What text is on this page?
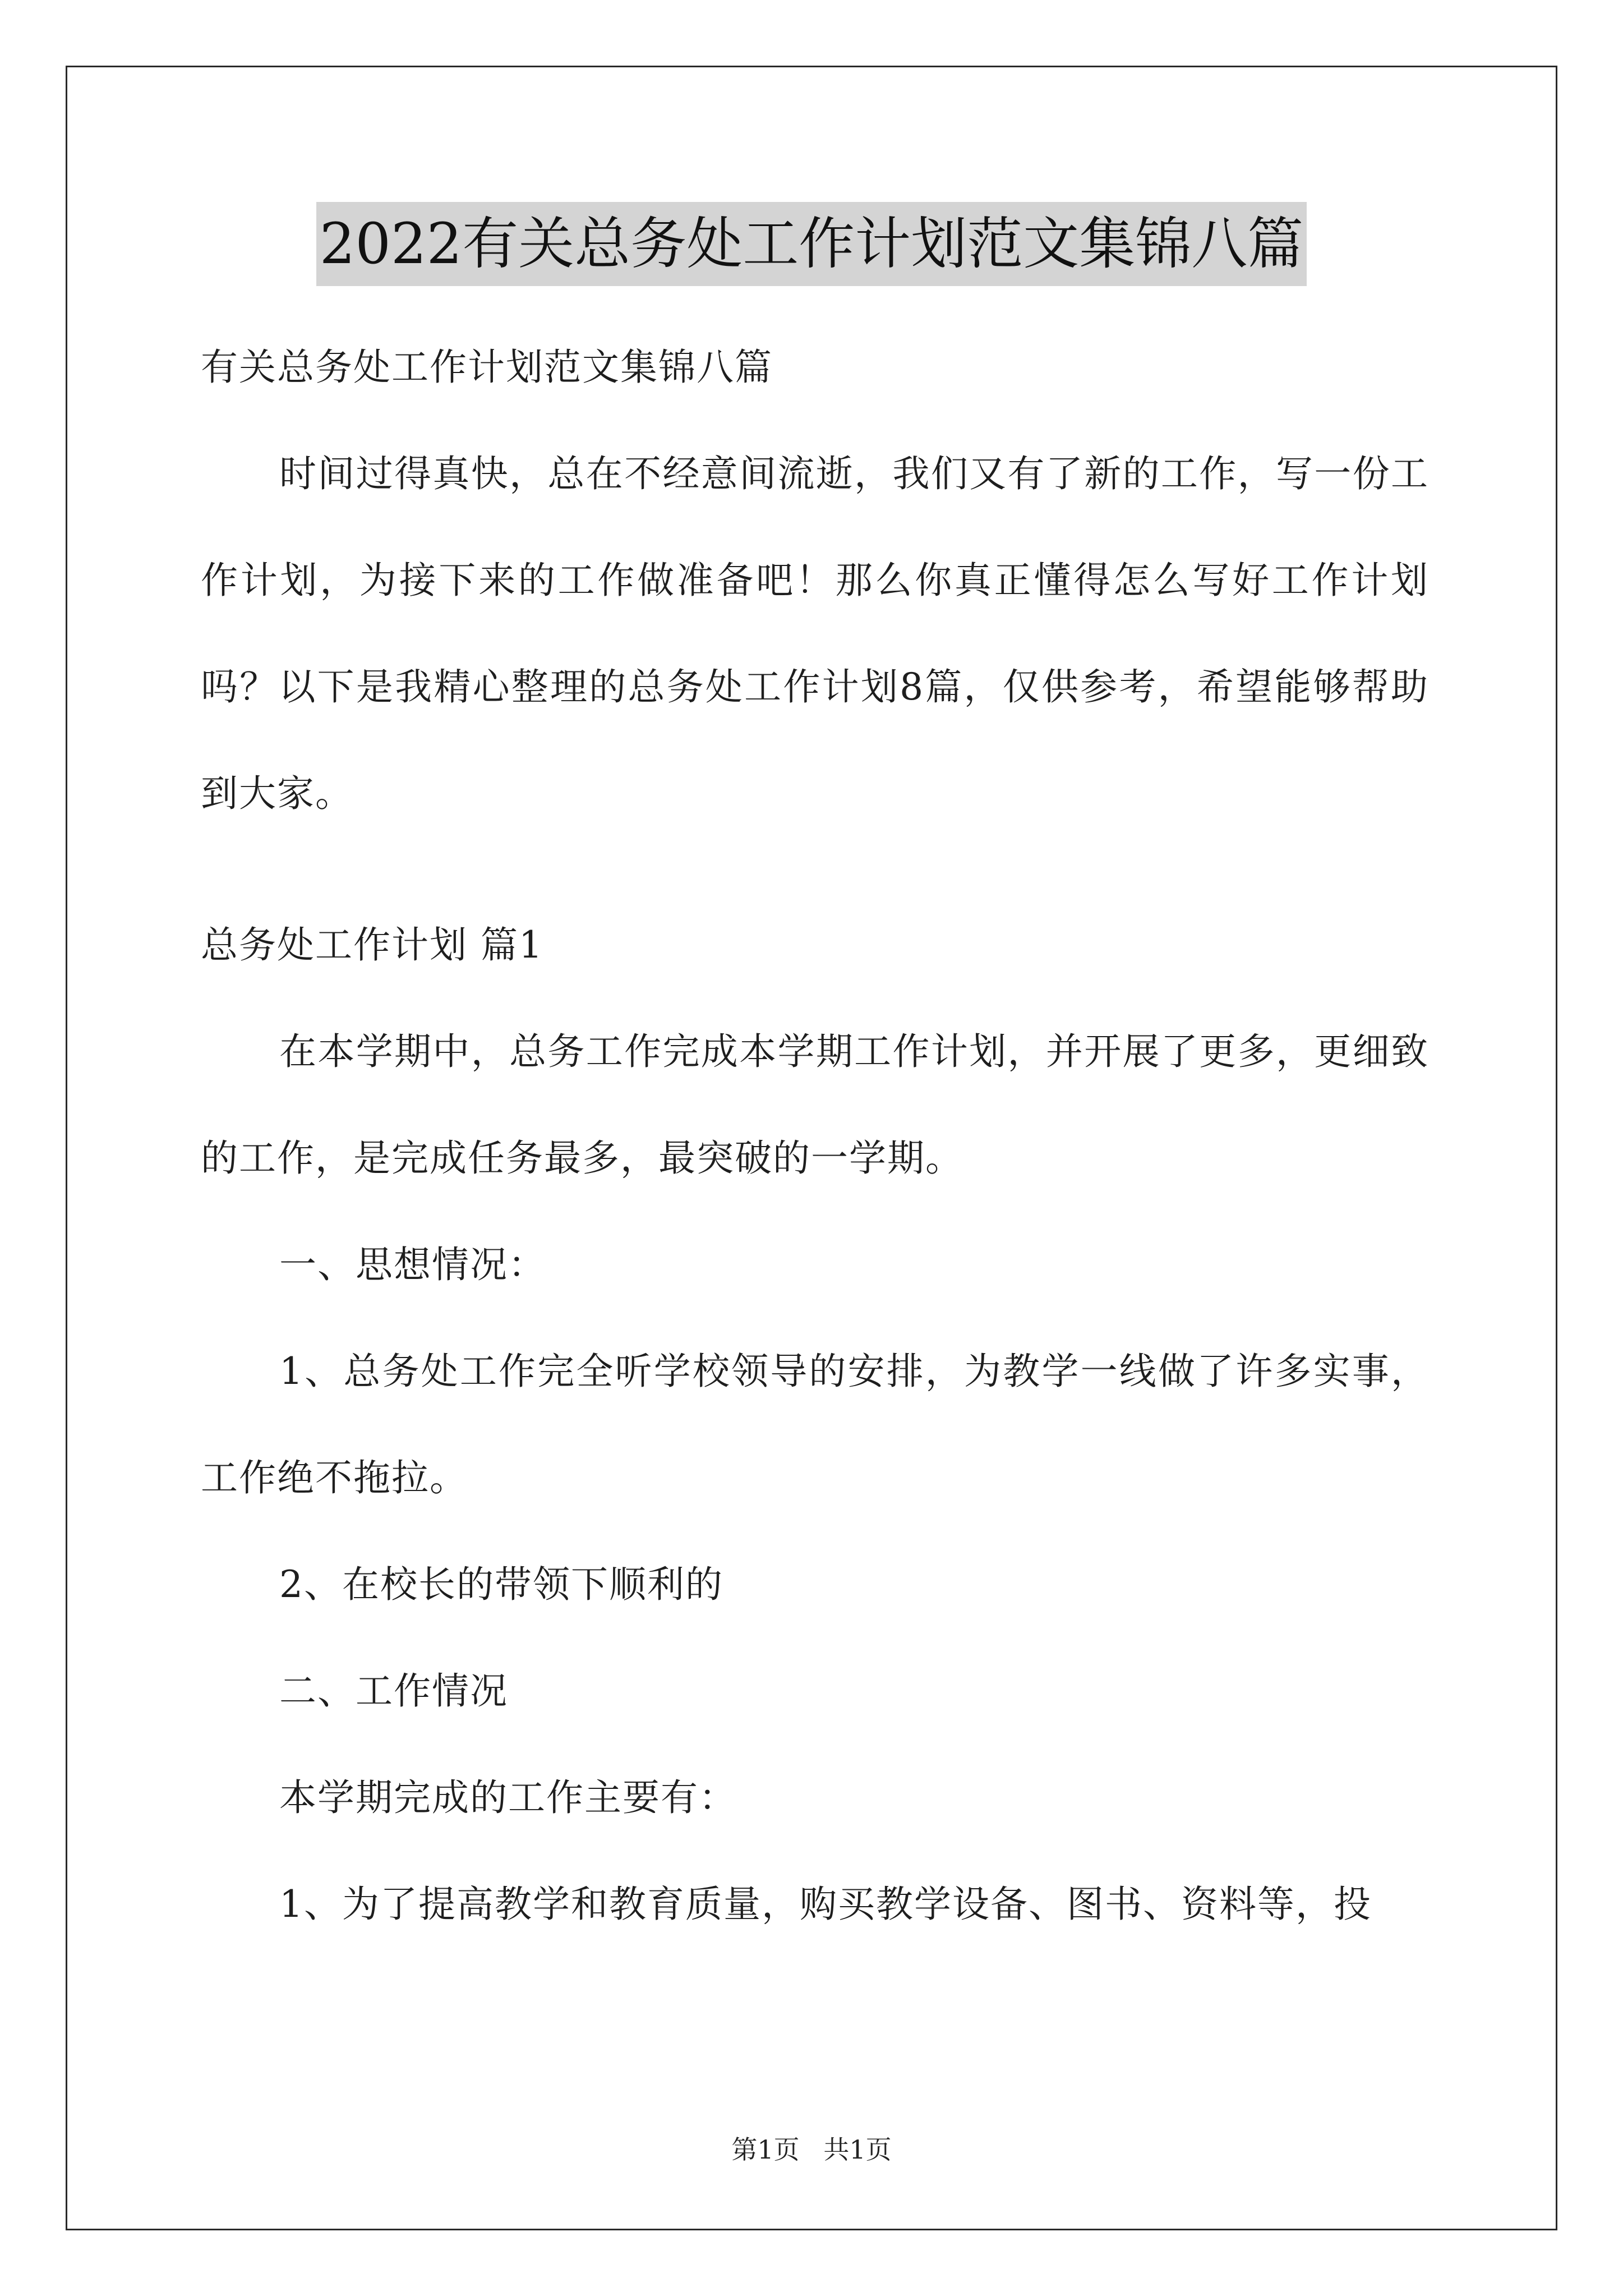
2022有关总务处工作计划范文集锦八篇

有关总务处工作计划范文集锦八篇

时间过得真快，总在不经意间流逝，我们又有了新的工作，写一份工作计划，为接下来的工作做准备吧！那么你真正懂得怎么写好工作计划吗？以下是我精心整理的总务处工作计划8篇，仅供参考，希望能够帮助到大家。

总务处工作计划 篇1

在本学期中，总务工作完成本学期工作计划，并开展了更多，更细致的工作，是完成任务最多，最突破的一学期。

一、思想情况：

1、总务处工作完全听学校领导的安排，为教学一线做了许多实事，工作绝不拖拉。

2、在校长的带领下顺利的

二、工作情况

本学期完成的工作主要有：

1、为了提高教学和教育质量，购买教学设备、图书、资料等，投

第1页 共1页
